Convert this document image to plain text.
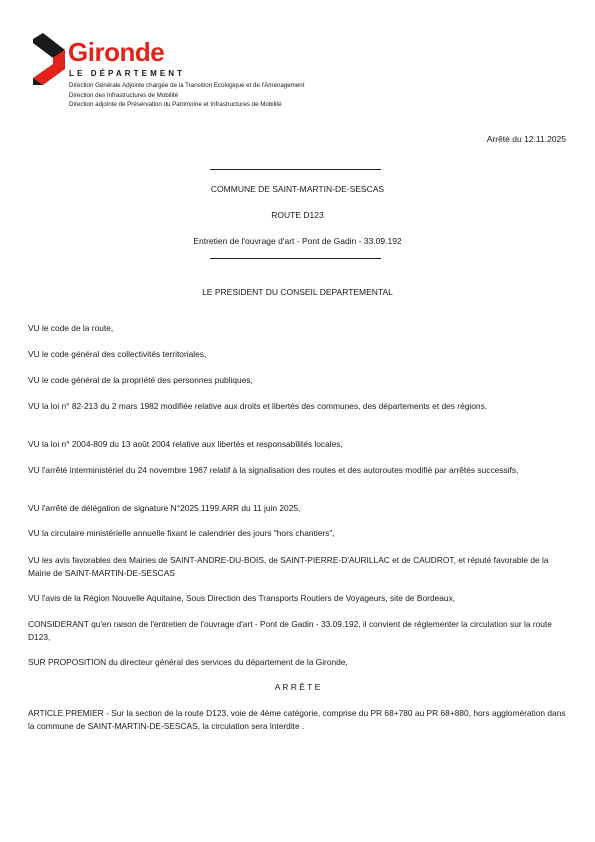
Gironde
LE DÉPARTEMENT
Direction Générale Adjointe chargée de la Transition Ecologique et de l'Aménagement
Direction des Infrastructures de Mobilité
Direction adjointe de Préservation du Patrimoine et Infrastructures de Mobilité
Arrêté du 12.11.2025
COMMUNE DE SAINT-MARTIN-DE-SESCAS
ROUTE D123
Entretien de l'ouvrage d'art - Pont de Gadin - 33.09.192
LE PRESIDENT DU CONSEIL DEPARTEMENTAL
VU le code de la route,
VU le code général des collectivités territoriales,
VU le code général de la propriété des personnes publiques,
VU la loi n° 82-213 du 2 mars 1982 modifiée relative aux droits et libertés des communes, des départements et des régions,
VU la loi n° 2004-809 du 13 août 2004 relative aux libertés et responsabilités locales,
VU l'arrêté interministériel du 24 novembre 1967 relatif à la signalisation des routes et des autoroutes modifié par arrêtés successifs,
VU l'arrêté de délégation de signature N°2025.1199.ARR du 11 juin 2025,
VU la circulaire ministérielle annuelle fixant le calendrier des jours "hors chantiers",
VU les avis favorables des Mairies de SAINT-ANDRE-DU-BOIS, de SAINT-PIERRE-D'AURILLAC et de CAUDROT, et réputé favorable de la Mairie de SAINT-MARTIN-DE-SESCAS
VU l'avis de la Région Nouvelle Aquitaine, Sous Direction des Transports Routiers de Voyageurs, site de Bordeaux,
CONSIDERANT qu'en raison de l'entretien de l'ouvrage d'art - Pont de Gadin - 33.09.192, il convient de réglementer la circulation sur la route D123,
SUR PROPOSITION du directeur général des services du département de la Gironde,
A R R Ê T E
ARTICLE PREMIER - Sur la section de la route D123, voie de 4ème catégorie, comprise du PR 68+780 au PR 68+880, hors agglomération dans la commune de SAINT-MARTIN-DE-SESCAS, la circulation sera interdite .
